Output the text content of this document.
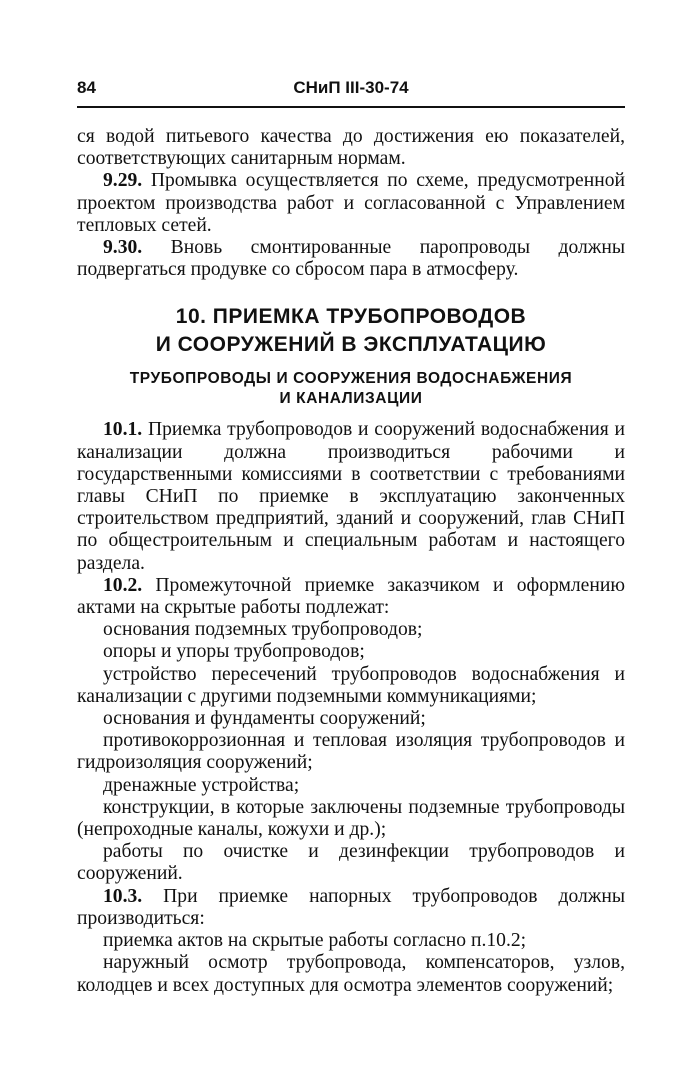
84	СНиП III-30-74

ся водой питьевого качества до достижения ею показателей, соответствующих санитарным нормам.

9.29. Промывка осуществляется по схеме, предусмотренной проектом производства работ и согласованной с Управлением тепловых сетей.

9.30. Вновь смонтированные паропроводы должны подвергаться продувке со сбросом пара в атмосферу.

10. ПРИЕМКА ТРУБОПРОВОДОВ
И СООРУЖЕНИЙ В ЭКСПЛУАТАЦИЮ
ТРУБОПРОВОДЫ И СООРУЖЕНИЯ ВОДОСНАБЖЕНИЯ
И КАНАЛИЗАЦИИ

10.1. Приемка трубопроводов и сооружений водоснабжения и канализации должна производиться рабочими и государственными комиссиями в соответствии с требованиями главы СНиП по приемке в эксплуатацию законченных строительством предприятий, зданий и сооружений, глав СНиП по общестроительным и специальным работам и настоящего раздела.

10.2. Промежуточной приемке заказчиком и оформлению актами на скрытые работы подлежат:

основания подземных трубопроводов;

опоры и упоры трубопроводов;

устройство пересечений трубопроводов водоснабжения и канализации с другими подземными коммуникациями;

основания и фундаменты сооружений;

противокоррозионная и тепловая изоляция трубопроводов и гидроизоляция сооружений;

дренажные устройства;

конструкции, в которые заключены подземные трубопроводы (непроходные каналы, кожухи и др.);

работы по очистке и дезинфекции трубопроводов и сооружений.

10.3. При приемке напорных трубопроводов должны производиться:

приемка актов на скрытые работы согласно п.10.2;

наружный осмотр трубопровода, компенсаторов, узлов, колодцев и всех доступных для осмотра элементов сооружений;
